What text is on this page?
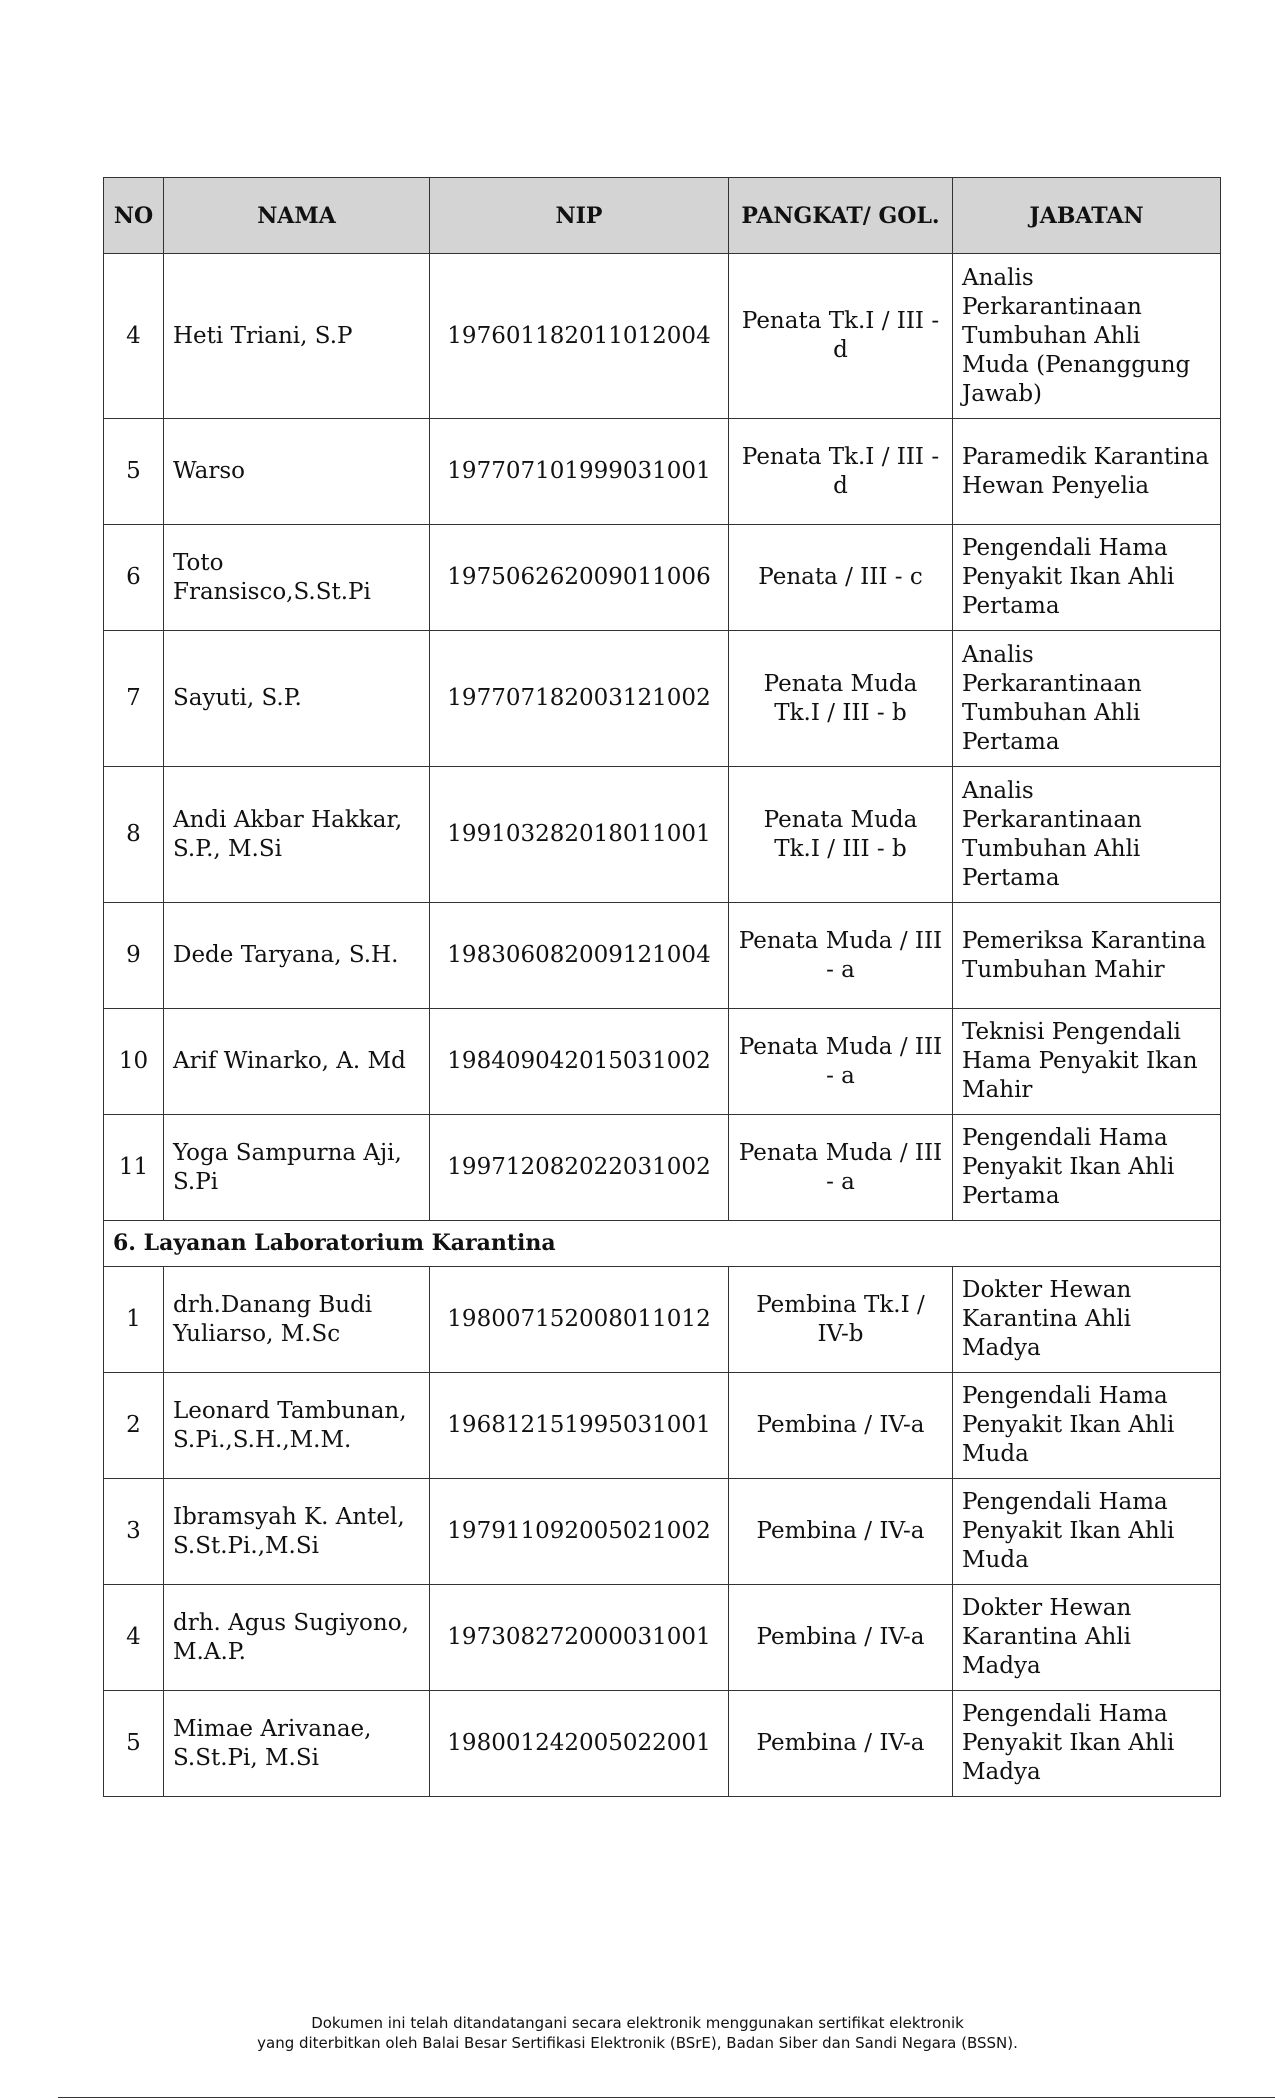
NO	NAMA	NIP	PANGKAT/ GOL.	JABATAN
4	Heti Triani, S.P	197601182011012004	Penata Tk.I / III - d	Analis Perkarantinaan Tumbuhan Ahli Muda (Penanggung Jawab)
5	Warso	197707101999031001	Penata Tk.I / III - d	Paramedik Karantina Hewan Penyelia
6	Toto Fransisco,S.St.Pi	197506262009011006	Penata / III - c	Pengendali Hama Penyakit Ikan Ahli Pertama
7	Sayuti, S.P.	197707182003121002	Penata Muda Tk.I / III - b	Analis Perkarantinaan Tumbuhan Ahli Pertama
8	Andi Akbar Hakkar, S.P., M.Si	199103282018011001	Penata Muda Tk.I / III - b	Analis Perkarantinaan Tumbuhan Ahli Pertama
9	Dede Taryana, S.H.	198306082009121004	Penata Muda / III - a	Pemeriksa Karantina Tumbuhan Mahir
10	Arif Winarko, A. Md	198409042015031002	Penata Muda / III - a	Teknisi Pengendali Hama Penyakit Ikan Mahir
11	Yoga Sampurna Aji, S.Pi	199712082022031002	Penata Muda / III - a	Pengendali Hama Penyakit Ikan Ahli Pertama
6. Layanan Laboratorium Karantina				
1	drh.Danang Budi Yuliarso, M.Sc	198007152008011012	Pembina Tk.I / IV-b	Dokter Hewan Karantina Ahli Madya
2	Leonard Tambunan, S.Pi.,S.H.,M.M.	196812151995031001	Pembina / IV-a	Pengendali Hama Penyakit Ikan Ahli Muda
3	Ibramsyah K. Antel, S.St.Pi.,M.Si	197911092005021002	Pembina / IV-a	Pengendali Hama Penyakit Ikan Ahli Muda
4	drh. Agus Sugiyono, M.A.P.	197308272000031001	Pembina / IV-a	Dokter Hewan Karantina Ahli Madya
5	Mimae Arivanae, S.St.Pi, M.Si	198001242005022001	Pembina / IV-a	Pengendali Hama Penyakit Ikan Ahli Madya
Dokumen ini telah ditandatangani secara elektronik menggunakan sertifikat elektronik
yang diterbitkan oleh Balai Besar Sertifikasi Elektronik (BSrE), Badan Siber dan Sandi Negara (BSSN).
